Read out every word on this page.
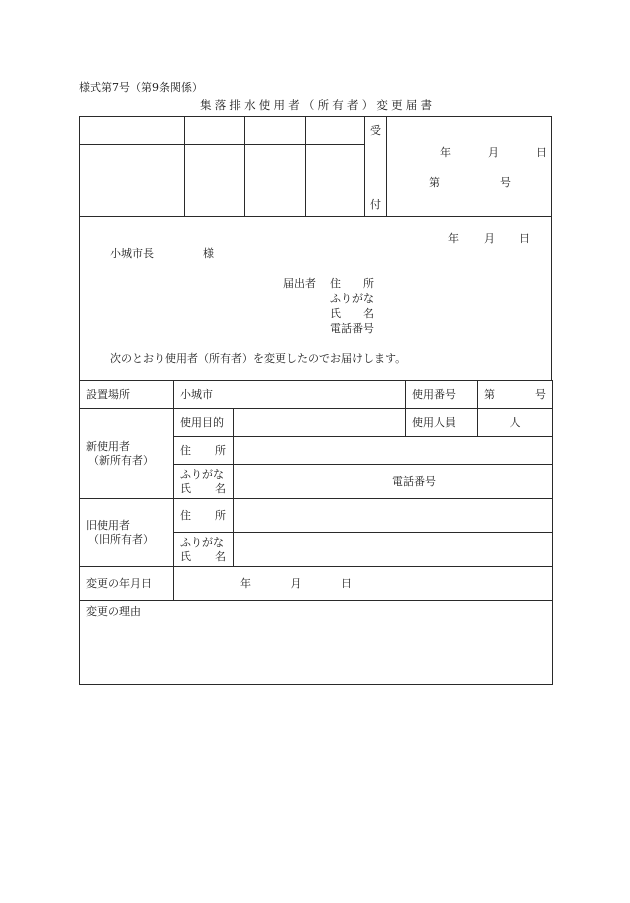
様式第7号（第9条関係）
集落排水使用者（所有者）変更届書
受
付
年	月	日
第	号
年 月 日
小城市長	様
届出者 住　　所
ふりがな
氏　　名
電話番号
次のとおり使用者（所有者）を変更したのでお届けします。
設置場所	小城市		使用番号	第 号

新使用者
（新所有者）	使用目的		使用人員	人
	住　所			

	ふりがな
氏　　名	電話番号		

旧使用者
（旧所有者）	住　所			

	ふりがな
氏　　名			

変更の年月日	年 月 日			
変更の理由				
